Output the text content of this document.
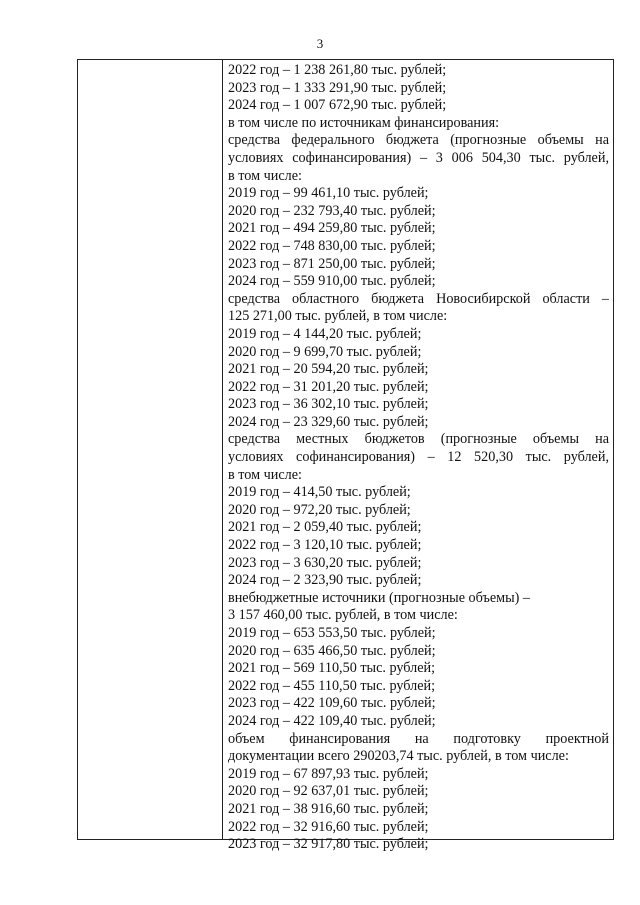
3
2022 год – 1 238 261,80 тыс. рублей;
2023 год – 1 333 291,90 тыс. рублей;
2024 год – 1 007 672,90 тыс. рублей;
в том числе по источникам финансирования:
средства федерального бюджета (прогнозные объемы на
условиях софинансирования) – 3 006 504,30 тыс. рублей,
в том числе:
2019 год – 99 461,10 тыс. рублей;
2020 год – 232 793,40 тыс. рублей;
2021 год – 494 259,80 тыс. рублей;
2022 год – 748 830,00 тыс. рублей;
2023 год – 871 250,00 тыс. рублей;
2024 год – 559 910,00 тыс. рублей;
средства областного бюджета Новосибирской области –
125 271,00 тыс. рублей, в том числе:
2019 год – 4 144,20 тыс. рублей;
2020 год – 9 699,70 тыс. рублей;
2021 год – 20 594,20 тыс. рублей;
2022 год – 31 201,20 тыс. рублей;
2023 год – 36 302,10 тыс. рублей;
2024 год – 23 329,60 тыс. рублей;
средства местных бюджетов (прогнозные объемы на
условиях софинансирования) – 12 520,30 тыс. рублей,
в том числе:
2019 год – 414,50 тыс. рублей;
2020 год – 972,20 тыс. рублей;
2021 год – 2 059,40 тыс. рублей;
2022 год – 3 120,10 тыс. рублей;
2023 год – 3 630,20 тыс. рублей;
2024 год – 2 323,90 тыс. рублей;
внебюджетные источники (прогнозные объемы) –
3 157 460,00 тыс. рублей, в том числе:
2019 год – 653 553,50 тыс. рублей;
2020 год – 635 466,50 тыс. рублей;
2021 год – 569 110,50 тыс. рублей;
2022 год – 455 110,50 тыс. рублей;
2023 год – 422 109,60 тыс. рублей;
2024 год – 422 109,40 тыс. рублей;
объем финансирования на подготовку проектной
документации всего 290203,74 тыс. рублей, в том числе:
2019 год – 67 897,93 тыс. рублей;
2020 год – 92 637,01 тыс. рублей;
2021 год – 38 916,60 тыс. рублей;
2022 год – 32 916,60 тыс. рублей;
2023 год – 32 917,80 тыс. рублей;
